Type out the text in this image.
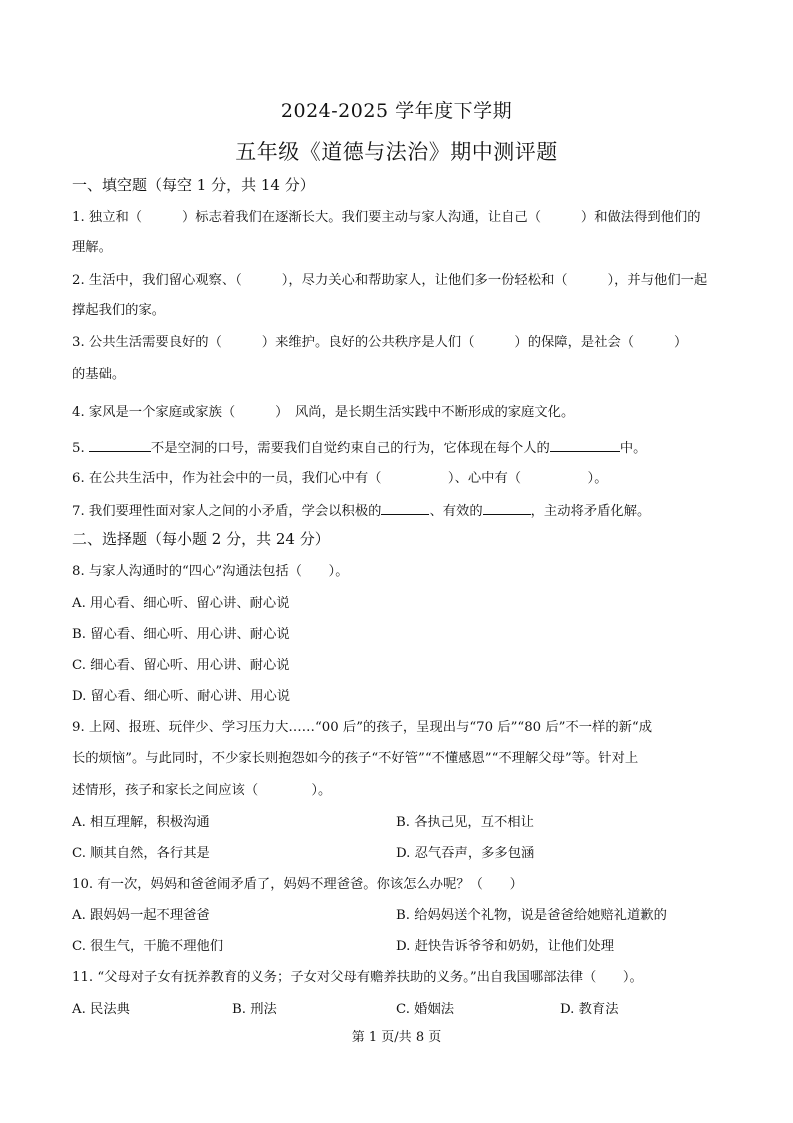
2024-2025 学年度下学期
五年级《道德与法治》期中测评题
一、填空题（每空 1 分，共 14 分）
1. 独立和（　　　）标志着我们在逐渐长大。我们要主动与家人沟通，让自己（　　　）和做法得到他们的
理解。
2. 生活中，我们留心观察、（　　　），尽力关心和帮助家人，让他们多一份轻松和（　　　），并与他们一起
撑起我们的家。
3. 公共生活需要良好的（　　　）来维护。良好的公共秩序是人们（　　　）的保障，是社会（　　　）
的基础。
4. 家风是一个家庭或家族（　　　）　风尚，是长期生活实践中不断形成的家庭文化。
5.	不是空洞的口号，需要我们自觉约束自己的行为，它体现在每个人的	中。
6. 在公共生活中，作为社会中的一员，我们心中有（　　　　　）、心中有（　　　　　）。
7. 我们要理性面对家人之间的小矛盾，学会以积极的	、有效的	，主动将矛盾化解。
二、选择题（每小题 2 分，共 24 分）
8. 与家人沟通时的“四心”沟通法包括（　　）。
A. 用心看、细心听、留心讲、耐心说
B. 留心看、细心听、用心讲、耐心说
C. 细心看、留心听、用心讲、耐心说
D. 留心看、细心听、耐心讲、用心说
9. 上网、报班、玩伴少、学习压力大……“00 后”的孩子，呈现出与“70 后”“80 后”不一样的新“成
长的烦恼”。与此同时，不少家长则抱怨如今的孩子“不好管”“不懂感恩”“不理解父母”等。针对上
述情形，孩子和家长之间应该（　　　　）。
A. 相互理解，积极沟通	B. 各执己见，互不相让
C. 顺其自然，各行其是	D. 忍气吞声，多多包涵
10. 有一次，妈妈和爸爸闹矛盾了，妈妈不理爸爸。你该怎么办呢？（　　）
A. 跟妈妈一起不理爸爸	B. 给妈妈送个礼物，说是爸爸给她赔礼道歉的
C. 很生气，干脆不理他们	D. 赶快告诉爷爷和奶奶，让他们处理
11. “父母对子女有抚养教育的义务；子女对父母有赡养扶助的义务。”出自我国哪部法律（　　）。
A. 民法典	B. 刑法	C. 婚姻法	D. 教育法
第 1 页/共 8 页
